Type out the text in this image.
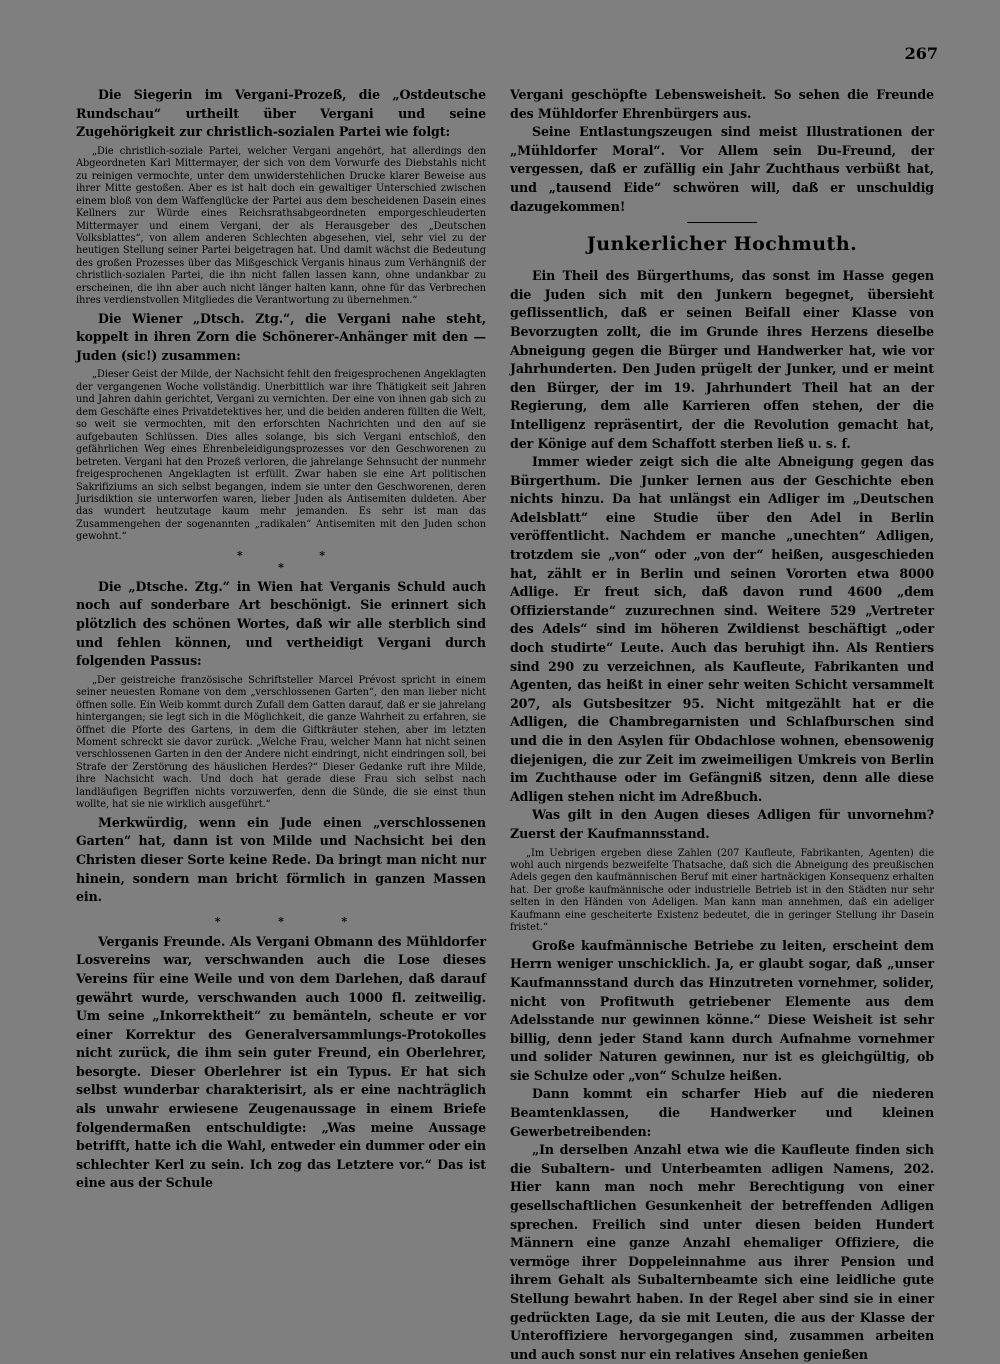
267

Die Siegerin im Vergani-Prozeß, die „Ostdeutsche Rundschau“ urtheilt über Vergani und seine Zugehörigkeit zur christlich-sozialen Partei wie folgt:

„Die christlich-soziale Partei, welcher Vergani angehört, hat allerdings den Abgeordneten Karl Mittermayer, der sich von dem Vorwurfe des Diebstahls nicht zu reinigen vermochte, unter dem unwiderstehlichen Drucke klarer Beweise aus ihrer Mitte gestoßen. Aber es ist halt doch ein gewaltiger Unterschied zwischen einem bloß von dem Waffenglücke der Partei aus dem bescheidenen Dasein eines Kellners zur Würde eines Reichsrathsabgeordneten emporgeschleuderten Mittermayer und einem Vergani, der als Herausgeber des „Deutschen Volksblattes“, von allem anderen Schlechten abgesehen, viel, sehr viel zu der heutigen Stellung seiner Partei beigetragen hat. Und damit wächst die Bedeutung des großen Prozesses über das Mißgeschick Verganis hinaus zum Verhängniß der christlich-sozialen Partei, die ihn nicht fallen lassen kann, ohne undankbar zu erscheinen, die ihn aber auch nicht länger halten kann, ohne für das Verbrechen ihres verdienstvollen Mitgliedes die Verantwortung zu übernehmen.“

Die Wiener „Dtsch. Ztg.“, die Vergani nahe steht, koppelt in ihren Zorn die Schönerer-Anhänger mit den — Juden (sic!) zusammen:

„Dieser Geist der Milde, der Nachsicht fehlt den freigesprochenen Angeklagten der vergangenen Woche vollständig. Unerbittlich war ihre Thätigkeit seit Jahren und Jahren dahin gerichtet, Vergani zu vernichten. Der eine von ihnen gab sich zu dem Geschäfte eines Privatdetektives her, und die beiden anderen füllten die Welt, so weit sie vermochten, mit den erforschten Nachrichten und den auf sie aufgebauten Schlüssen. Dies alles solange, bis sich Vergani entschloß, den gefährlichen Weg eines Ehrenbeleidigungsprozesses vor den Geschworenen zu betreten. Vergani hat den Prozeß verloren, die jahrelange Sehnsucht der nunmehr freigesprochenen Angeklagten ist erfüllt. Zwar haben sie eine Art politischen Sakrifiziums an sich selbst begangen, indem sie unter den Geschworenen, deren Jurisdiktion sie unterworfen waren, lieber Juden als Antisemiten duldeten. Aber das wundert heutzutage kaum mehr jemanden. Es sehr ist man das Zusammengehen der sogenannten „radikalen“ Antisemiten mit den Juden schon gewohnt.“

*                    *
*

Die „Dtsche. Ztg.“ in Wien hat Verganis Schuld auch noch auf sonderbare Art beschönigt. Sie erinnert sich plötzlich des schönen Wortes, daß wir alle sterblich sind und fehlen können, und vertheidigt Vergani durch folgenden Passus:

„Der geistreiche französische Schriftsteller Marcel Prévost spricht in einem seiner neuesten Romane von dem „verschlossenen Garten“, den man lieber nicht öffnen solle. Ein Weib kommt durch Zufall dem Gatten darauf, daß er sie jahrelang hintergangen; sie legt sich in die Möglichkeit, die ganze Wahrheit zu erfahren, sie öffnet die Pforte des Gartens, in dem die Giftkräuter stehen, aber im letzten Moment schreckt sie davor zurück. „Welche Frau, welcher Mann hat nicht seinen verschlossenen Garten in den der Andere nicht eindringt, nicht eindringen soll, bei Strafe der Zerstörung des häuslichen Herdes?“ Dieser Gedanke ruft ihre Milde, ihre Nachsicht wach. Und doch hat gerade diese Frau sich selbst nach landläufigen Begriffen nichts vorzuwerfen, denn die Sünde, die sie einst thun wollte, hat sie nie wirklich ausgeführt.“

Merkwürdig, wenn ein Jude einen „verschlossenen Garten“ hat, dann ist von Milde und Nachsicht bei den Christen dieser Sorte keine Rede. Da bringt man nicht nur hinein, sondern man bricht förmlich in ganzen Massen ein.

*               *               *

Verganis Freunde. Als Vergani Obmann des Mühldorfer Losvereins war, verschwanden auch die Lose dieses Vereins für eine Weile und von dem Darlehen, daß darauf gewährt wurde, verschwanden auch 1000 fl. zeitweilig. Um seine „Inkorrektheit“ zu bemänteln, scheute er vor einer Korrektur des Generalversammlungs-Protokolles nicht zurück, die ihm sein guter Freund, ein Oberlehrer, besorgte. Dieser Oberlehrer ist ein Typus. Er hat sich selbst wunderbar charakterisirt, als er eine nachträglich als unwahr erwiesene Zeugenaussage in einem Briefe folgendermaßen entschuldigte: „Was meine Aussage betrifft, hatte ich die Wahl, entweder ein dummer oder ein schlechter Kerl zu sein. Ich zog das Letztere vor.“ Das ist eine aus der Schule

Vergani geschöpfte Lebensweisheit. So sehen die Freunde des Mühldorfer Ehrenbürgers aus.

Seine Entlastungszeugen sind meist Illustrationen der „Mühldorfer Moral“. Vor Allem sein Du-Freund, der vergessen, daß er zufällig ein Jahr Zuchthaus verbüßt hat, und „tausend Eide“ schwören will, daß er unschuldig dazugekommen!

Junkerlicher Hochmuth.

Ein Theil des Bürgerthums, das sonst im Hasse gegen die Juden sich mit den Junkern begegnet, übersieht geflissentlich, daß er seinen Beifall einer Klasse von Bevorzugten zollt, die im Grunde ihres Herzens dieselbe Abneigung gegen die Bürger und Handwerker hat, wie vor Jahrhunderten. Den Juden prügelt der Junker, und er meint den Bürger, der im 19. Jahrhundert Theil hat an der Regierung, dem alle Karrieren offen stehen, der die Intelligenz repräsentirt, der die Revolution gemacht hat, der Könige auf dem Schaffott sterben ließ u. s. f.

Immer wieder zeigt sich die alte Abneigung gegen das Bürgerthum. Die Junker lernen aus der Geschichte eben nichts hinzu. Da hat unlängst ein Adliger im „Deutschen Adelsblatt“ eine Studie über den Adel in Berlin veröffentlicht. Nachdem er manche „unechten“ Adligen, trotzdem sie „von“ oder „von der“ heißen, ausgeschieden hat, zählt er in Berlin und seinen Vororten etwa 8000 Adlige. Er freut sich, daß davon rund 4600 „dem Offizierstande“ zuzurechnen sind. Weitere 529 „Vertreter des Adels“ sind im höheren Zwildienst beschäftigt „oder doch studirte“ Leute. Auch das beruhigt ihn. Als Rentiers sind 290 zu verzeichnen, als Kaufleute, Fabrikanten und Agenten, das heißt in einer sehr weiten Schicht versammelt 207, als Gutsbesitzer 95. Nicht mitgezählt hat er die Adligen, die Chambregarnisten und Schlafburschen sind und die in den Asylen für Obdachlose wohnen, ebensowenig diejenigen, die zur Zeit im zweimeiligen Umkreis von Berlin im Zuchthause oder im Gefängniß sitzen, denn alle diese Adligen stehen nicht im Adreßbuch.

Was gilt in den Augen dieses Adligen für unvornehm? Zuerst der Kaufmannsstand.

„Im Uebrigen ergeben diese Zahlen (207 Kaufleute, Fabrikanten, Agenten) die wohl auch nirgends bezweifelte Thatsache, daß sich die Abneigung des preußischen Adels gegen den kaufmännischen Beruf mit einer hartnäckigen Konsequenz erhalten hat. Der große kaufmännische oder industrielle Betrieb ist in den Städten nur sehr selten in den Händen von Adeligen. Man kann man annehmen, daß ein adeliger Kaufmann eine gescheiterte Existenz bedeutet, die in geringer Stellung ihr Dasein fristet.“

Große kaufmännische Betriebe zu leiten, erscheint dem Herrn weniger unschicklich. Ja, er glaubt sogar, daß „unser Kaufmannsstand durch das Hinzutreten vornehmer, solider, nicht von Profitwuth getriebener Elemente aus dem Adelsstande nur gewinnen könne.“ Diese Weisheit ist sehr billig, denn jeder Stand kann durch Aufnahme vornehmer und solider Naturen gewinnen, nur ist es gleichgültig, ob sie Schulze oder „von“ Schulze heißen.

Dann kommt ein scharfer Hieb auf die niederen Beamtenklassen, die Handwerker und kleinen Gewerbetreibenden:

„In derselben Anzahl etwa wie die Kaufleute finden sich die Subaltern- und Unterbeamten adligen Namens, 202. Hier kann man noch mehr Berechtigung von einer gesellschaftlichen Gesunkenheit der betreffenden Adligen sprechen. Freilich sind unter diesen beiden Hundert Männern eine ganze Anzahl ehemaliger Offiziere, die vermöge ihrer Doppeleinnahme aus ihrer Pension und ihrem Gehalt als Subalternbeamte sich eine leidliche gute Stellung bewahrt haben. In der Regel aber sind sie in einer gedrückten Lage, da sie mit Leuten, die aus der Klasse der Unteroffiziere hervorgegangen sind, zusammen arbeiten und auch sonst nur ein relatives Ansehen genießen
